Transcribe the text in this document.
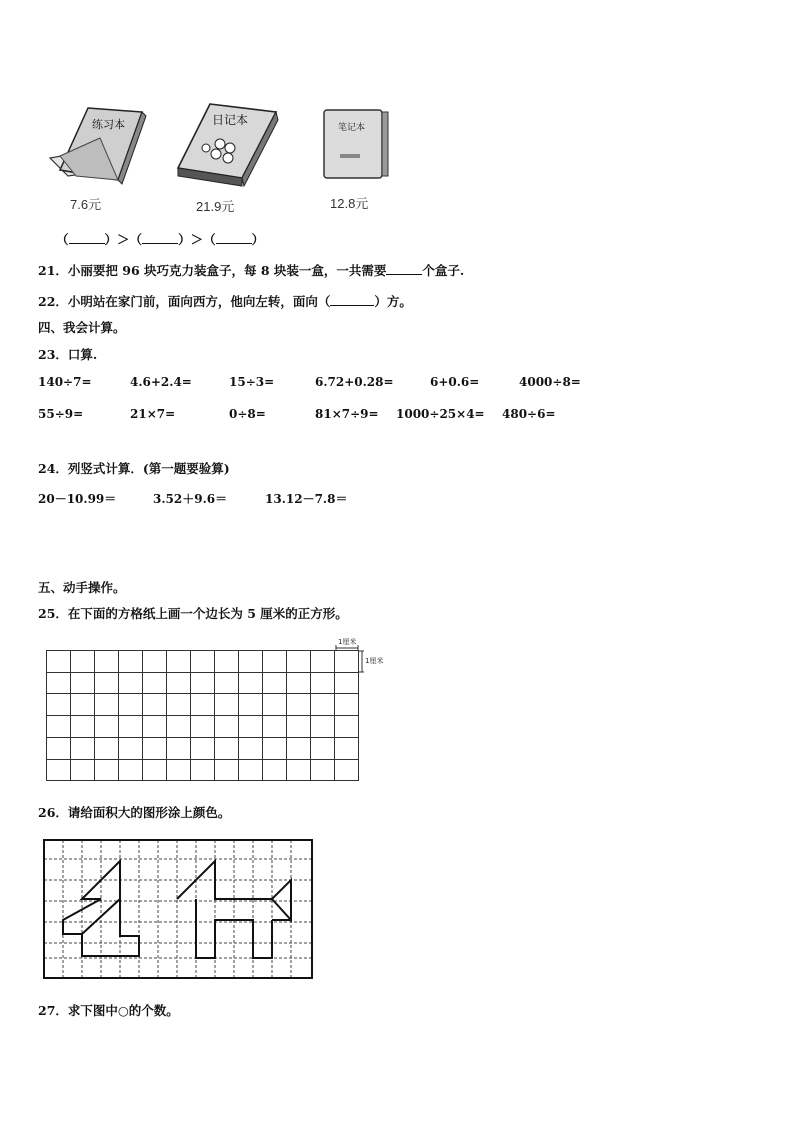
练习本	日记本
笔记本
7.6元	21.9元	12.8元
（	）＞（	）＞（	）
21．小丽要把 96 块巧克力装盒子，每 8 块装一盒，一共需要	个盒子.
22．小明站在家门前，面向西方，他向左转，面向（	）方。
四、我会计算。
23．口算.
140÷7=	4.6+2.4=	15÷3=	6.72+0.28=	6+0.6=	4000÷8=
55÷9=	21×7=	0÷8=	81×7÷9= 1000÷25×4= 480÷6=
24．列竖式计算．(第一题要验算)
20－10.99＝	3.52＋9.6＝	13.12－7.8＝
五、动手操作。
25．在下面的方格纸上画一个边长为 5 厘米的正方形。
1厘米
1厘米
26．请给面积大的图形涂上颜色。
27．求下图中○的个数。
